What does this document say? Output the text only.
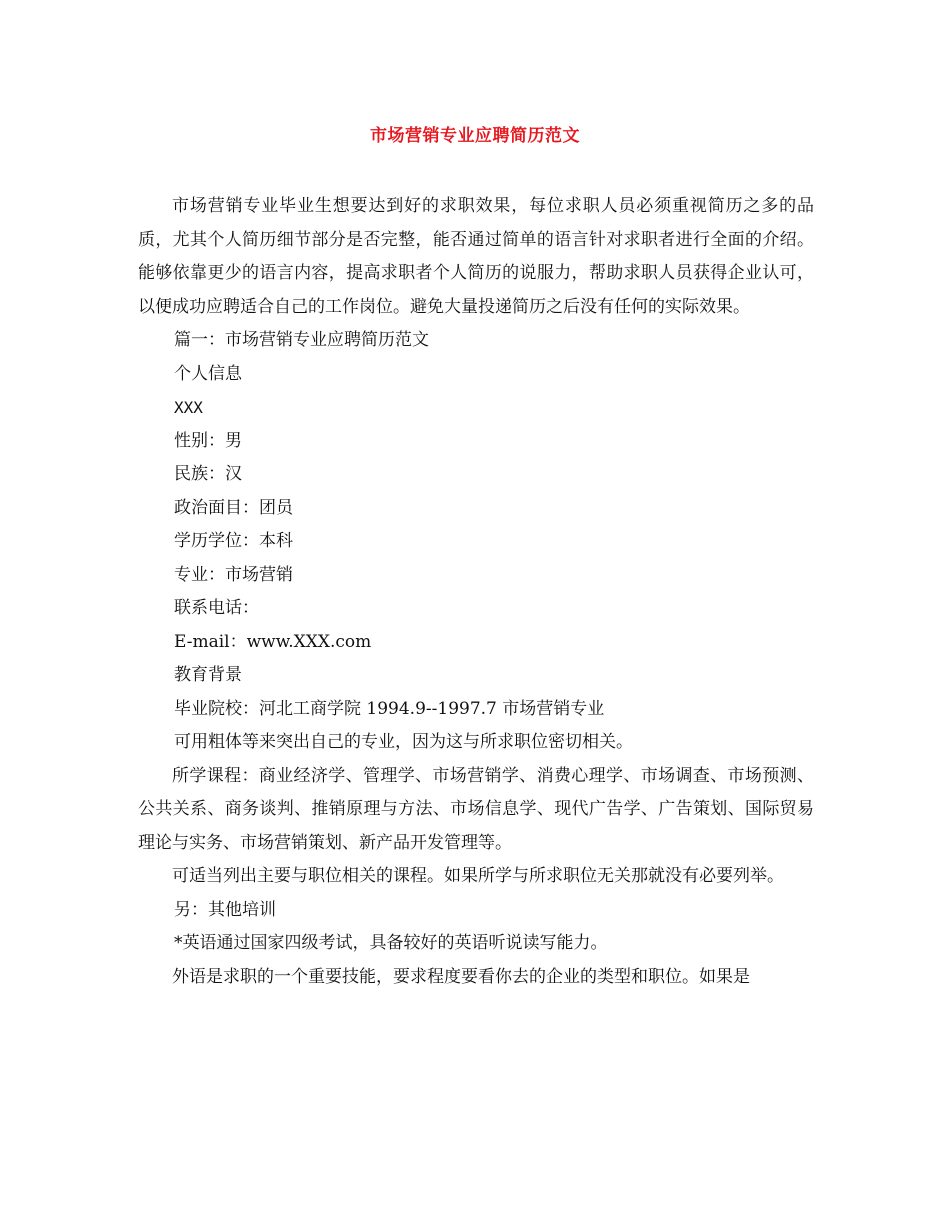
市场营销专业应聘简历范文

市场营销专业毕业生想要达到好的求职效果，每位求职人员必须重视简历之多的品质，尤其个人简历细节部分是否完整，能否通过简单的语言针对求职者进行全面的介绍。能够依靠更少的语言内容，提高求职者个人简历的说服力，帮助求职人员获得企业认可，以便成功应聘适合自己的工作岗位。避免大量投递简历之后没有任何的实际效果。

篇一：市场营销专业应聘简历范文

个人信息

XXX

性别：男

民族：汉

政治面目：团员

学历学位：本科

专业：市场营销

联系电话：

E-mail：www.XXX.com

教育背景

毕业院校：河北工商学院 1994.9--1997.7 市场营销专业

可用粗体等来突出自己的专业，因为这与所求职位密切相关。

所学课程：商业经济学、管理学、市场营销学、消费心理学、市场调查、市场预测、公共关系、商务谈判、推销原理与方法、市场信息学、现代广告学、广告策划、国际贸易理论与实务、市场营销策划、新产品开发管理等。

可适当列出主要与职位相关的课程。如果所学与所求职位无关那就没有必要列举。

另：其他培训

*英语通过国家四级考试，具备较好的英语听说读写能力。

外语是求职的一个重要技能，要求程度要看你去的企业的类型和职位。如果是
